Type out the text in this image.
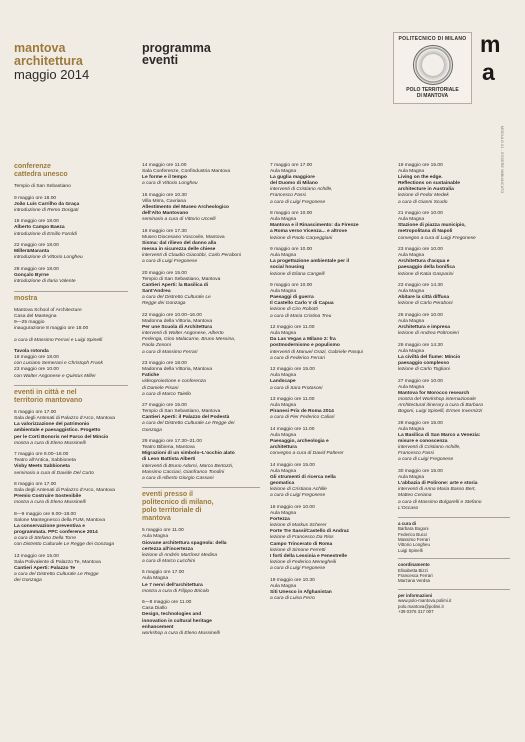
mantova
architettura
maggio 2014
programma
eventi
POLITECNICO DI MILANO
POLO TERRITORIALE
DI MANTOVA
m
a
MODULO 01 - ESSERE IMBIANCATO
conferenze
cattedra unesco
Tempio di San Sebastiano
9 maggio ore 18.00
João Luís Carrilho da Graça
introduzione di Remo Dorigati
15 maggio ore 18.00
Alberto Campo Baeza
introduzione di Emilio Faroldi
22 maggio ore 18.00
Miller&Maranta
introduzione di Vittorio Longheu
28 maggio ore 18.00
Gonçalo Byrne
introduzione di Ilaria Valente
mostra
Mantova School of Architecture
Casa del Mantegna
9—25 maggio
inaugurazione 8 maggio ore 18.00
a cura di Massimo Ferrari e Luigi Spinelli
Tavola rotonda
16 maggio ore 18.00
con Luciano Semerani e Christoph Frank
23 maggio ore 10.00
con Walter Angonese e Quintus Miller
eventi in città e nel
territorio mantovano
6 maggio ore 17.00
Sala degli Antenati di Palazzo d'Arco, Mantova
La valorizzazione del patrimonio
ambientale e paesaggistico. Progetto
per le Corti Bonoris nel Parco del Mincio
mostra a cura di Eleno Mussinelli
7 maggio ore 9.00–18.00
Teatro all'Antica, Sabbioneta
Visby Meets Sabbioneta
seminario a cura di Davide Del Curto
8 maggio ore 17.00
Sala degli Antenati di Palazzo d'Arco, Mantova
Premio Costruire Sostenibile
mostra a cura di Eleno Mussinelli
8—9 maggio ore 9.00–18.00
Salone Mantegnesco della FUM, Mantova
La conservazione preventiva e
programmata. PPC conference 2014
a cura di Stefano Della Torre
con Distretto Culturale Le Regge dei Gonzaga
13 maggio ore 15.00
Sala Polivalente di Palazzo Te, Mantova
Cantieri Aperti: Palazzo Te
a cura del Distretto Culturale Le Regge
dei Gonzaga
14 maggio ore 11.00
Sala Conferenze, Confindustria Mantova
Le forme e il tempo
a cura di Vittorio Longheu
15 maggio ore 10.30
Villa Mirra, Cavriana
Allestimento del Museo Archeologico
dell'Alto Mantovano
seminario a cura di Vittorio Uccelli
16 maggio ore 17.30
Museo Diocesano Voscovile, Mantova
Sisma: dal rilievo del danno alla
messa in sicurezza delle chiese
interventi di Claudio Giacobbi, Carlo Peraboni
a cura di Luigi Fregonese
20 maggio ore 15.00
Tempio di San Sebastiano, Mantova
Cantieri Aperti: la Basilica di
Sant'Andrea
a cura del Distretto Culturale Le
Regge dei Gonzaga
22 maggio ore 10.00–16.00
Madonna della Vittoria, Mantova
Per une Scuola di Architettura
interventi di Walter Angonese, Alberto
Ferlenga, Gino Malacarne, Bruno Messina,
Paola Zenoni
a cura di Massimo Ferrari
23 maggio ore 18.00
Madonna della Vittoria, Mantova
Fatiche
videoproiezione e conferenza
di Daniele Pisani
a cura di Marco Taiello
27 maggio ore 15.00
Tempio di San Sebastiano, Mantova
Cantieri Aperti: il Palazzo del Podestà
a cura del Distretto Culturale Le Regge dei
Gonzaga
29 maggio ore 17.30–21.00
Teatro Bibiena, Mantova
Migrazioni di un simbolo–L'occhio alato
di Leon Battista Alberti
interventi di Bruno Adorni, Marco Bertozzi,
Massimo Cacciari, Gianfranco Tondini
a cura di Alberto Giorgio Cassani
eventi presso il
politecnico di milano,
polo territoriale di
mantova
5 maggio ore 11.00
Aula Magna
Giovane architettura spagnola: della
certezza all'incertezza
lezione di Andrés Martínez Medina
a cura di Marco Lucchini
5 maggio ore 17.00
Aula Magna
Le 7 nervi dell'architettura
mostra a cura di Filippo Bricolo
6—8 maggio ore 11.00
Casa Diallo
Design, technologies and
innovation in cultural heritage
enhancement
workshop a cura di Eleno Mussinelli
7 maggio ore 17.00
Aula Magna
La guglia maggiore
del Duomo di Milano
interventi di Cristiano Achille,
Francesco Fassi
a cura di Luigi Fregonese
8 maggio ore 10.00
Aula Magna
Mantova e il Rinascimento: da Firenze
a Roma verso Vicenza... e altrove
lezione di Paolo Carpeggiani
9 maggio ore 10.00
Aula Magna
La progettazione ambientale per il
social housing
lezione di Eliana Cangelli
9 maggio ore 10.00
Aula Magna
Paesaggi di guerra
Il Castello Carlo V di Capua
lezione di Ciro Robotti
a cura di Maria Cristina Treu
12 maggio ore 11.00
Aula Magna
Da Las Vegas a Milano 2: fra
postmodernismo e populismo
interventi di Manuel Orazi, Gabriele Pasqui
a cura di Federico Ferrari
12 maggio ore 15.00
Aula Magna
Landscape
a cura di Sara Protasoni
13 maggio ore 11.00
Aula Magna
Piranesi Prix de Roma 2014
a cura di Pier Federico Caliari
14 maggio ore 11.00
Aula Magna
Paesaggio, archeologia e
architettura
convegno a cura di David Palterer
14 maggio ore 15.00
Aula Magna
Gli strumenti di ricerca nella
geomatica
lezione di Cristiana Achille
a cura di Luigi Fregonese
16 maggio ore 10.00
Aula Magna
Fortezza
lezione di Markus Scherer
Forte Tre Sassi/Castello di Andraz
lezione di Francesco Da Rios
Campo Trincerato di Roma
lezione di Simone Ferretti
I forti della Lessinia e Fenestrelle
lezione di Federico Menegheili
a cura di Luigi Fregonese
19 maggio ore 10.30
Aula Magna
Siti Unesco in Afghanistan
a cura di Luisa Ferro
19 maggio ore 15.00
Aula Magna
Living on the edge.
Reflections on sustainable
architecture in Australia
lezione di Fedor Medek
a cura di Gianni Scudo
21 maggio ore 10.00
Aula Magna
Stazione di piazza municipio,
metropolitana di Napoli
convegno a cura di Luigi Fregonese
23 maggio ore 10.00
Aula Magna
Architettura d'acqua e
paesaggio della bonifica
lezione di Katia Gasparini
23 maggio ore 14.30
Aula Magna
Abitare la città diffusa
lezione di Carlo Peraboni
26 maggio ore 10.00
Aula Magna
Architettura e impresa
lezione di Andrea Poltronieri
26 maggio ore 14.30
Aula Magna
La civiltà del fiume: Mincio
paesaggio complesso
lezione di Carlo Togliani
27 maggio ore 10.00
Aula Magna
Mantova for Morocco research
mostra del Workshop internazionale
Architectural itinerary a cura di Barbara
Bogoni, Luigi Spinelli, Ermes Invernizzi
28 maggio ore 15.00
Aula Magna
La Basilica di San Marco a Venezia:
misure e conoscenza
interventi di Cristiano Achille,
Francesco Fassi
a cura di Luigi Fregonese
30 maggio ore 15.00
Aula Magna
L'abbazia di Polirone: arte e storia
interventi di Anna Maria Basso Bert,
Matteo Ceriana
a cura di Massimo Bulgarelli e Stefano
L'Occaso
a cura di
Barbara Bogoni
Federico Bucci
Massimo Ferrari
Vittorio Longheu
Luigi Spinelli
coordinamento
Elisabetta Bizzi
Francesca Ferrari
Marzana Verdsa
per informazioni
www.polo-mantova.polimi.it
polo.mantova@polimi.it
+39 0376 317 007
